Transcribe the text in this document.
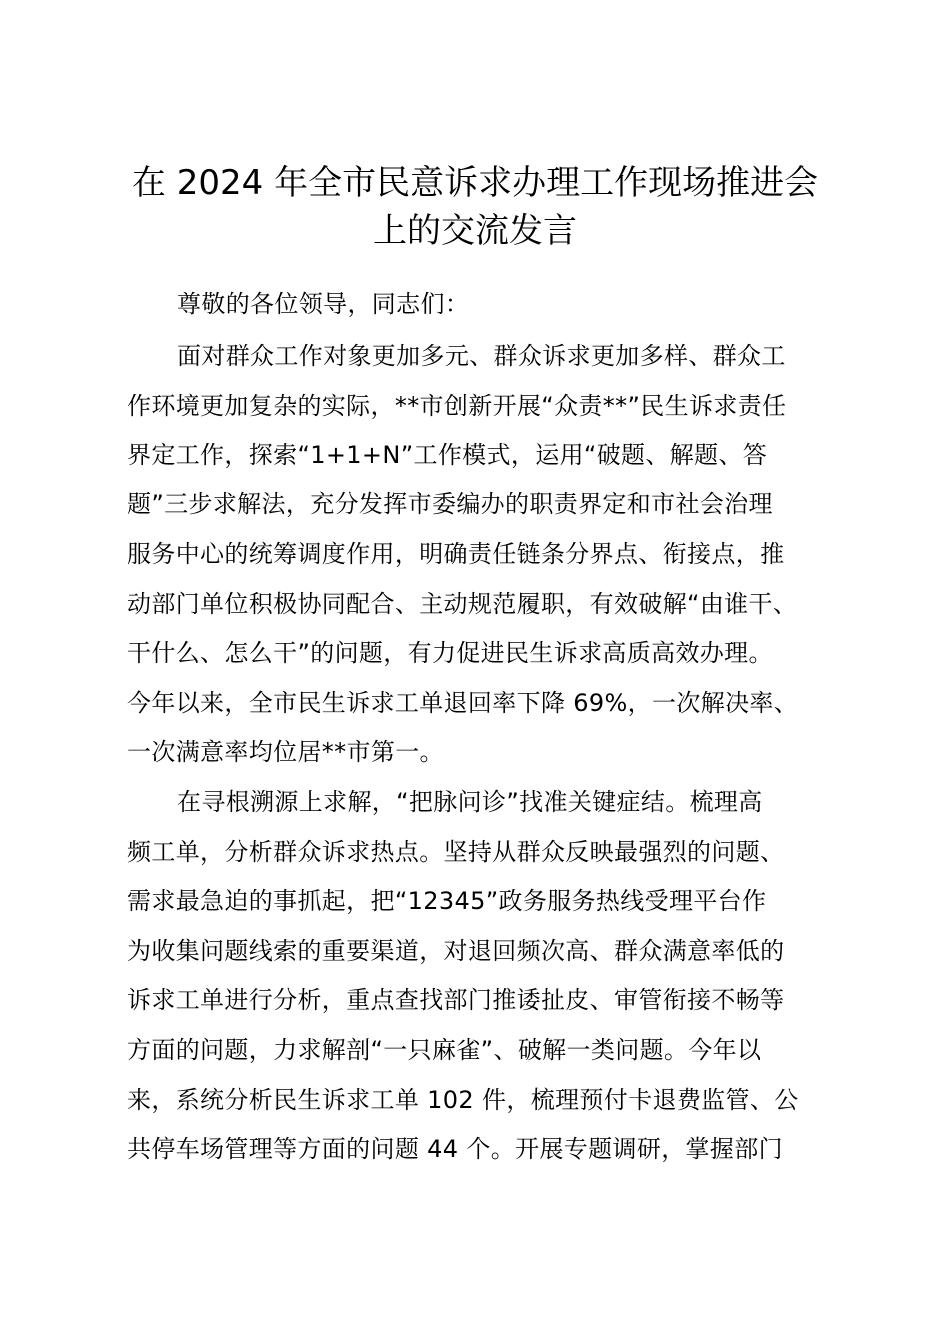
在 2024 年全市民意诉求办理工作现场推进会
上的交流发言

尊敬的各位领导，同志们：

面对群众工作对象更加多元、群众诉求更加多样、群众工

作环境更加复杂的实际，**市创新开展“众责**”民生诉求责任

界定工作，探索“1+1+N”工作模式，运用“破题、解题、答

题”三步求解法，充分发挥市委编办的职责界定和市社会治理

服务中心的统筹调度作用，明确责任链条分界点、衔接点，推

动部门单位积极协同配合、主动规范履职，有效破解“由谁干、

干什么、怎么干”的问题，有力促进民生诉求高质高效办理。

今年以来，全市民生诉求工单退回率下降 69%，一次解决率、

一次满意率均位居**市第一。

在寻根溯源上求解，“把脉问诊”找准关键症结。梳理高

频工单，分析群众诉求热点。坚持从群众反映最强烈的问题、

需求最急迫的事抓起，把“12345”政务服务热线受理平台作

为收集问题线索的重要渠道，对退回频次高、群众满意率低的

诉求工单进行分析，重点查找部门推诿扯皮、审管衔接不畅等

方面的问题，力求解剖“一只麻雀”、破解一类问题。今年以

来，系统分析民生诉求工单 102 件，梳理预付卡退费监管、公

共停车场管理等方面的问题 44 个。开展专题调研，掌握部门
